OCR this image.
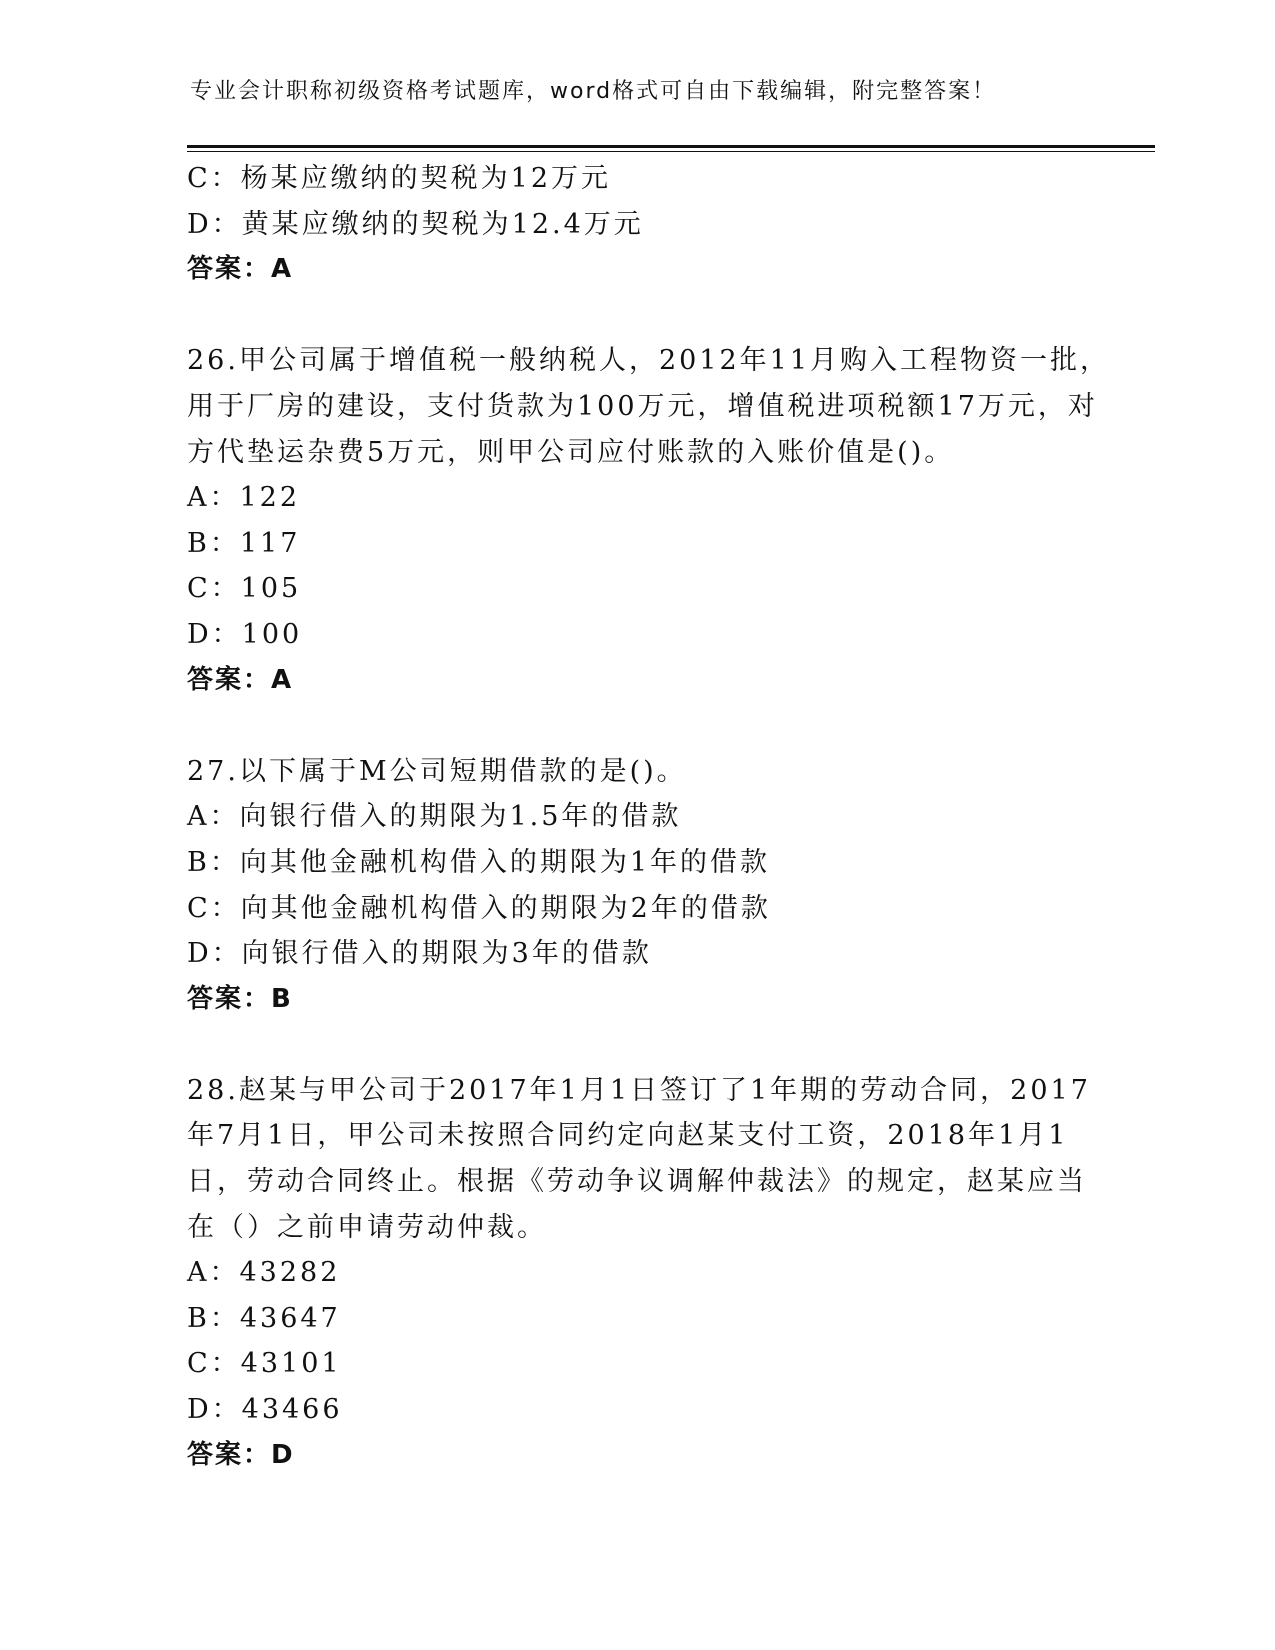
专业会计职称初级资格考试题库，word格式可自由下载编辑，附完整答案！
C：杨某应缴纳的契税为12万元
D：黄某应缴纳的契税为12.4万元
答案：A
26.甲公司属于增值税一般纳税人，2012年11月购入工程物资一批，
用于厂房的建设，支付货款为100万元，增值税进项税额17万元，对
方代垫运杂费5万元，则甲公司应付账款的入账价值是()。
A：122
B：117
C：105
D：100
答案：A
27.以下属于M公司短期借款的是()。
A：向银行借入的期限为1.5年的借款
B：向其他金融机构借入的期限为1年的借款
C：向其他金融机构借入的期限为2年的借款
D：向银行借入的期限为3年的借款
答案：B
28.赵某与甲公司于2017年1月1日签订了1年期的劳动合同，2017
年7月1日，甲公司未按照合同约定向赵某支付工资，2018年1月1
日，劳动合同终止。根据《劳动争议调解仲裁法》的规定，赵某应当
在（）之前申请劳动仲裁。
A：43282
B：43647
C：43101
D：43466
答案：D
